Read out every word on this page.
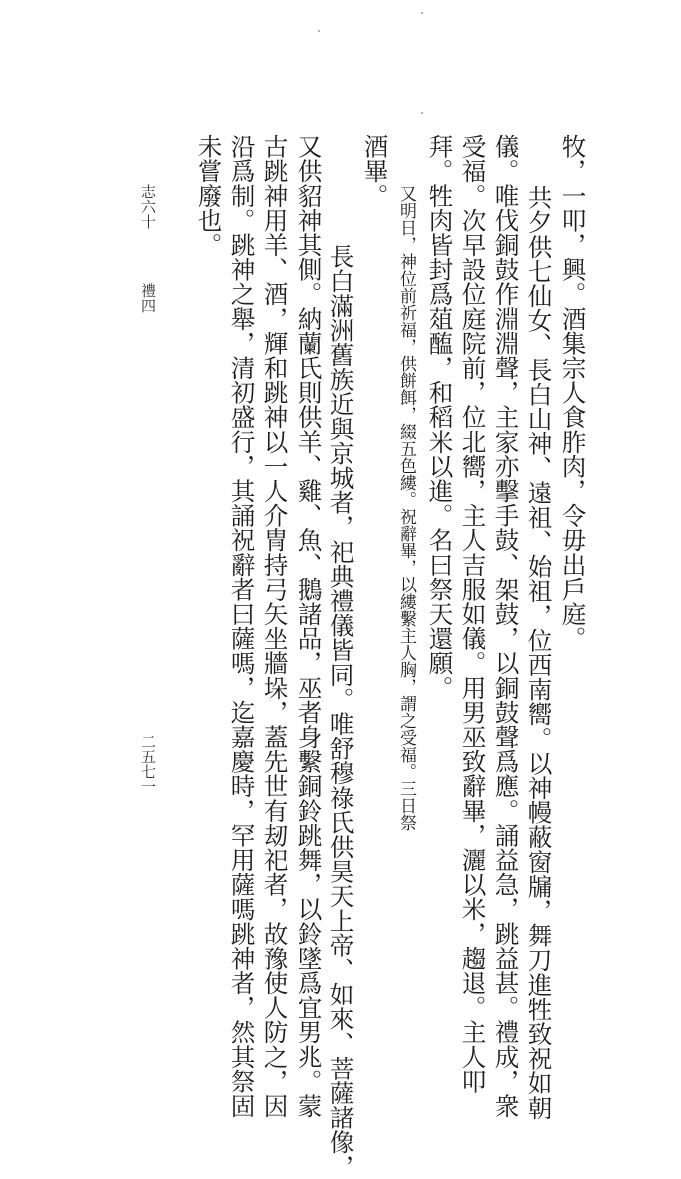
牧，一叩，興。酒集宗人食胙肉，令毋出戶庭。
共夕供七仙女、長白山神、遠祖、始祖，位西南嚮。以神幔蔽窗牖，舞刀進牲致祝如朝
儀。唯伐銅鼓作淵淵聲，主家亦擊手鼓、架鼓，以銅鼓聲爲應。誦益急，跳益甚。禮成，衆
受福。次早設位庭院前，位北嚮，主人吉服如儀。用男巫致辭畢，灑以米，趨退。主人叩
拜。牲肉皆封爲葅醢，和稻米以進。名曰祭天還願。
又明日，神位前祈福，供餅餌，綴五色縷。祝辭畢，以縷繫主人胸，謂之受福。三日祭
酒畢。
長白滿洲舊族近與京城者，祀典禮儀皆同。唯舒穆祿氏供昊天上帝、如來、菩薩諸像，
又供貂神其側。納蘭氏則供羊、雞、魚、鵝諸品，巫者身繫銅鈴跳舞，以鈴墜爲宜男兆。蒙
古跳神用羊、酒，輝和跳神以一人介冑持弓矢坐牆垛，蓋先世有刼祀者，故豫使人防之，因
沿爲制。跳神之舉，清初盛行，其誦祝辭者曰薩嗎，迄嘉慶時，罕用薩嗎跳神者，然其祭固
未嘗廢也。
志六十
禮四
二五七一
